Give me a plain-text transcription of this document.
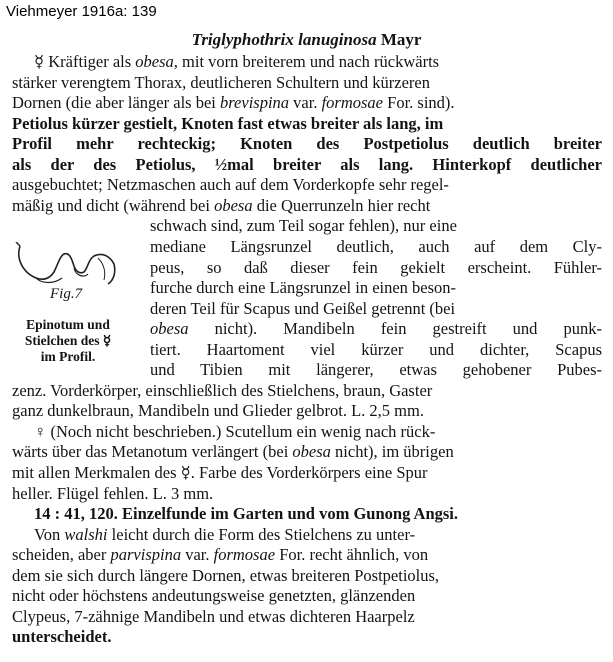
Viehmeyer 1916a: 139
Triglyphothrix lanuginosa Mayr
☿ Kräftiger als obesa, mit vorn breiterem und nach rückwärts
stärker verengtem Thorax, deutlicheren Schultern und kürzeren
Dornen (die aber länger als bei brevispina var. formosae For. sind).
Petiolus kürzer gestielt, Knoten fast etwas breiter als lang, im
Profil mehr rechteckig; Knoten des Postpetiolus deutlich breiter
als der des Petiolus, ½mal breiter als lang. Hinterkopf deutlicher
ausgebuchtet; Netzmaschen auch auf dem Vorderkopfe sehr regel-
mäßig und dicht (während bei obesa die Querrunzeln hier recht
schwach sind, zum Teil sogar fehlen), nur eine
mediane Längsrunzel deutlich, auch auf dem Cly-
peus, so daß dieser fein gekielt erscheint. Fühler-
furche durch eine Längsrunzel in einen beson-
deren Teil für Scapus und Geißel getrennt (bei
obesa nicht). Mandibeln fein gestreift und punk-
tiert. Haartoment viel kürzer und dichter, Scapus
und Tibien mit längerer, etwas gehobener Pubes-
zenz. Vorderkörper, einschließlich des Stielchens, braun, Gaster
ganz dunkelbraun, Mandibeln und Glieder gelbrot. L. 2,5 mm.
♀ (Noch nicht beschrieben.) Scutellum ein wenig nach rück-
wärts über das Metanotum verlängert (bei obesa nicht), im übrigen
mit allen Merkmalen des ☿. Farbe des Vorderkörpers eine Spur
heller. Flügel fehlen. L. 3 mm.
14 : 41, 120. Einzelfunde im Garten und vom Gunong Angsi.
Von walshi leicht durch die Form des Stielchens zu unter-
scheiden, aber parvispina var. formosae For. recht ähnlich, von
dem sie sich durch längere Dornen, etwas breiteren Postpetiolus,
nicht oder höchstens andeutungsweise genetzten, glänzenden
Clypeus, 7-zähnige Mandibeln und etwas dichteren Haarpelz
unterscheidet.
Fig.7
Epinotum und
Stielchen des ☿
im Profil.
